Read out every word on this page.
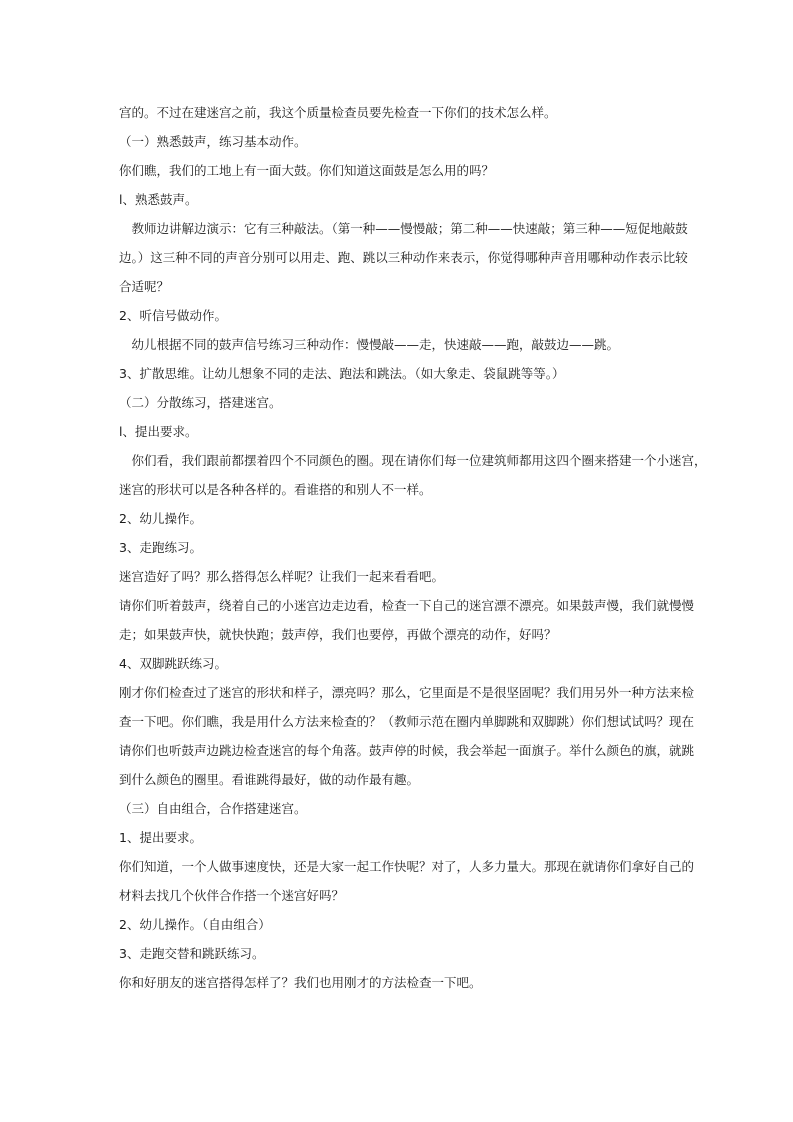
宫的。不过在建迷宫之前，我这个质量检查员要先检查一下你们的技术怎么样。
（一）熟悉鼓声，练习基本动作。
你们瞧，我们的工地上有一面大鼓。你们知道这面鼓是怎么用的吗？
l、熟悉鼓声。
　教师边讲解边演示：它有三种敲法。（第一种——慢慢敲；第二种——快速敲；第三种——短促地敲鼓
边。）这三种不同的声音分别可以用走、跑、跳以三种动作来表示，你觉得哪种声音用哪种动作表示比较
合适呢？
2、听信号做动作。
　幼儿根据不同的鼓声信号练习三种动作：慢慢敲——走，快速敲——跑，敲鼓边——跳。
3、扩散思维。让幼儿想象不同的走法、跑法和跳法。（如大象走、袋鼠跳等等。）
（二）分散练习，搭建迷宫。
l、提出要求。
　你们看，我们跟前都摆着四个不同颜色的圈。现在请你们每一位建筑师都用这四个圈来搭建一个小迷宫，
迷宫的形状可以是各种各样的。看谁搭的和别人不一样。
2、幼儿操作。
3、走跑练习。
迷宫造好了吗？那么搭得怎么样呢？让我们一起来看看吧。
请你们听着鼓声，绕着自己的小迷宫边走边看，检查一下自己的迷宫漂不漂亮。如果鼓声慢，我们就慢慢
走；如果鼓声快，就快快跑；鼓声停，我们也要停，再做个漂亮的动作，好吗？
4、双脚跳跃练习。
刚才你们检查过了迷宫的形状和样子，漂亮吗？那么，它里面是不是很坚固呢？我们用另外一种方法来检
查一下吧。你们瞧，我是用什么方法来检查的？（教师示范在圈内单脚跳和双脚跳）你们想试试吗？现在
请你们也听鼓声边跳边检查迷宫的每个角落。鼓声停的时候，我会举起一面旗子。举什么颜色的旗，就跳
到什么颜色的圈里。看谁跳得最好，做的动作最有趣。
（三）自由组合，合作搭建迷宫。
1、提出要求。
你们知道，一个人做事速度快，还是大家一起工作快呢？对了，人多力量大。那现在就请你们拿好自己的
材料去找几个伙伴合作搭一个迷宫好吗？
2、幼儿操作。（自由组合）
3、走跑交替和跳跃练习。
你和好朋友的迷宫搭得怎样了？我们也用刚才的方法检查一下吧。
